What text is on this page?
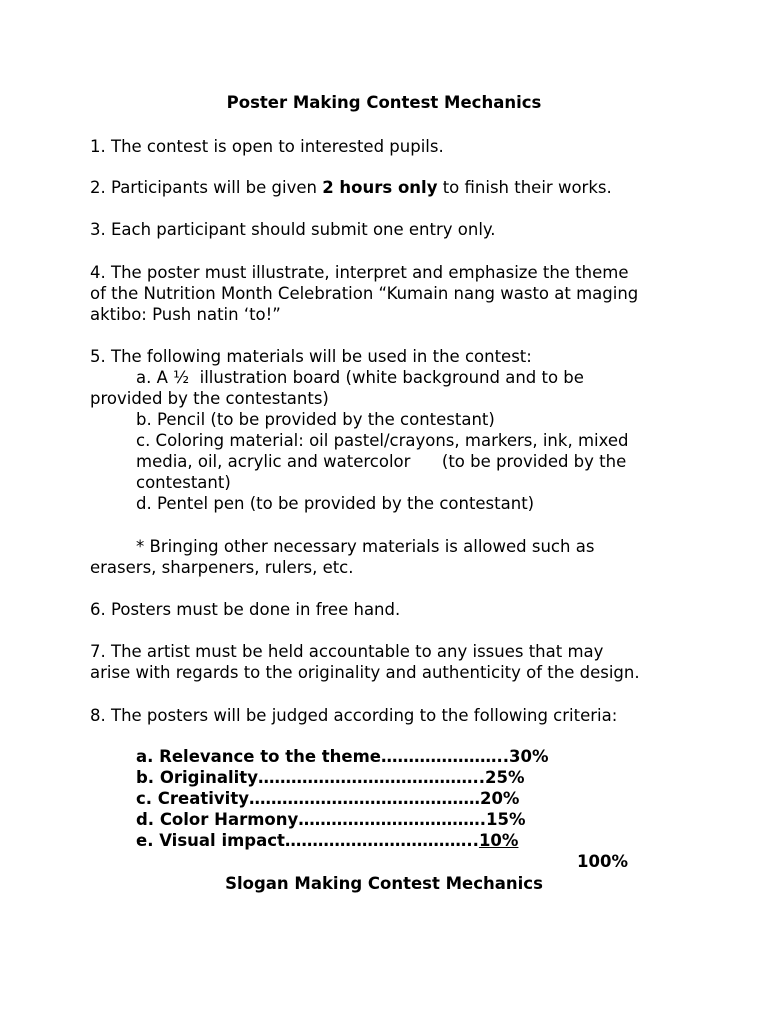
Poster Making Contest Mechanics
1. The contest is open to interested pupils.
2. Participants will be given 2 hours only to finish their works.
3. Each participant should submit one entry only.
4. The poster must illustrate, interpret and emphasize the theme
of the Nutrition Month Celebration “Kumain nang wasto at maging
aktibo: Push natin ‘to!”
5. The following materials will be used in the contest:
a. A ½  illustration board (white background and to be
provided by the contestants)
b. Pencil (to be provided by the contestant)
c. Coloring material: oil pastel/crayons, markers, ink, mixed
media, oil, acrylic and watercolor      (to be provided by the
contestant)
d. Pentel pen (to be provided by the contestant)
* Bringing other necessary materials is allowed such as
erasers, sharpeners, rulers, etc.
6. Posters must be done in free hand.
7. The artist must be held accountable to any issues that may
arise with regards to the originality and authenticity of the design.
8. The posters will be judged according to the following criteria:
a. Relevance to the theme…………………..30%
b. Originality…………………………………..25%
c. Creativity……………………………………20%
d. Color Harmony…………………………….15%
e. Visual impact……………………………..10%
100%
Slogan Making Contest Mechanics
